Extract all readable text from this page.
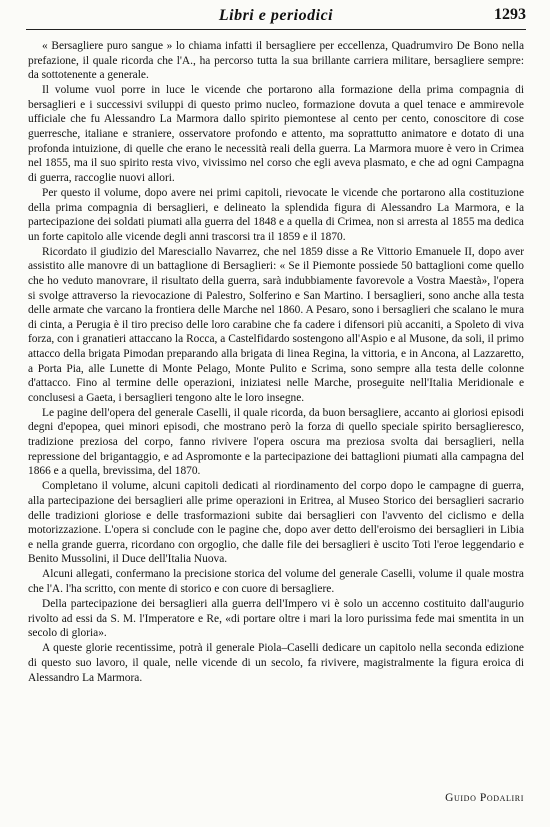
Libri e periodici	1293

« Bersagliere puro sangue » lo chiama infatti il bersagliere per eccellenza, Quadrumviro De Bono nella prefazione, il quale ricorda che l'A., ha percorso tutta la sua brillante carriera militare, bersagliere sempre: da sottotenente a generale.

Il volume vuol porre in luce le vicende che portarono alla formazione della prima compagnia di bersaglieri e i successivi sviluppi di questo primo nucleo, formazione dovuta a quel tenace e ammirevole ufficiale che fu Alessandro La Marmora dallo spirito piemontese al cento per cento, conoscitore di cose guerresche, italiane e straniere, osservatore profondo e attento, ma soprattutto animatore e dotato di una profonda intuizione, di quelle che erano le necessità reali della guerra. La Marmora muore è vero in Crimea nel 1855, ma il suo spirito resta vivo, vivissimo nel corso che egli aveva plasmato, e che ad ogni Campagna di guerra, raccoglie nuovi allori.

Per questo il volume, dopo avere nei primi capitoli, rievocate le vicende che portarono alla costituzione della prima compagnia di bersaglieri, e delineato la splendida figura di Alessandro La Marmora, e la partecipazione dei soldati piumati alla guerra del 1848 e a quella di Crimea, non si arresta al 1855 ma dedica un forte capitolo alle vicende degli anni trascorsi tra il 1859 e il 1870.

Ricordato il giudizio del Maresciallo Navarrez, che nel 1859 disse a Re Vittorio Emanuele II, dopo aver assistito alle manovre di un battaglione di Bersaglieri: « Se il Piemonte possiede 50 battaglioni come quello che ho veduto manovrare, il risultato della guerra, sarà indubbiamente favorevole a Vostra Maestà», l'opera si svolge attraverso la rievocazione di Palestro, Solferino e San Martino. I bersaglieri, sono anche alla testa delle armate che varcano la frontiera delle Marche nel 1860. A Pesaro, sono i bersaglieri che scalano le mura di cinta, a Perugia è il tiro preciso delle loro carabine che fa cadere i difensori più accaniti, a Spoleto di viva forza, con i granatieri attaccano la Rocca, a Castelfidardo sostengono all'Aspio e al Musone, da soli, il primo attacco della brigata Pimodan preparando alla brigata di linea Regina, la vittoria, e in Ancona, al Lazzaretto, a Porta Pia, alle Lunette di Monte Pelago, Monte Pulito e Scrima, sono sempre alla testa delle colonne d'attacco. Fino al termine delle operazioni, iniziatesi nelle Marche, proseguite nell'Italia Meridionale e conclusesi a Gaeta, i bersaglieri tengono alte le loro insegne.

Le pagine dell'opera del generale Caselli, il quale ricorda, da buon bersagliere, accanto ai gloriosi episodi degni d'epopea, quei minori episodi, che mostrano però la forza di quello speciale spirito bersaglieresco, tradizione preziosa del corpo, fanno rivivere l'opera oscura ma preziosa svolta dai bersaglieri, nella repressione del brigantaggio, e ad Aspromonte e la partecipazione dei battaglioni piumati alla campagna del 1866 e a quella, brevissima, del 1870.

Completano il volume, alcuni capitoli dedicati al riordinamento del corpo dopo le campagne di guerra, alla partecipazione dei bersaglieri alle prime operazioni in Eritrea, al Museo Storico dei bersaglieri sacrario delle tradizioni gloriose e delle trasformazioni subite dai bersaglieri con l'avvento del ciclismo e della motorizzazione. L'opera si conclude con le pagine che, dopo aver detto dell'eroismo dei bersaglieri in Libia e nella grande guerra, ricordano con orgoglio, che dalle file dei bersaglieri è uscito Toti l'eroe leggendario e Benito Mussolini, il Duce dell'Italia Nuova.

Alcuni allegati, confermano la precisione storica del volume del generale Caselli, volume il quale mostra che l'A. l'ha scritto, con mente di storico e con cuore di bersagliere.

Della partecipazione dei bersaglieri alla guerra dell'Impero vi è solo un accenno costituito dall'augurio rivolto ad essi da S. M. l'Imperatore e Re, «di portare oltre i mari la loro purissima fede mai smentita in un secolo di gloria».

A queste glorie recentissime, potrà il generale Piola–Caselli dedicare un capitolo nella seconda edizione di questo suo lavoro, il quale, nelle vicende di un secolo, fa rivivere, magistralmente la figura eroica di Alessandro La Marmora.

Guido Podaliri
